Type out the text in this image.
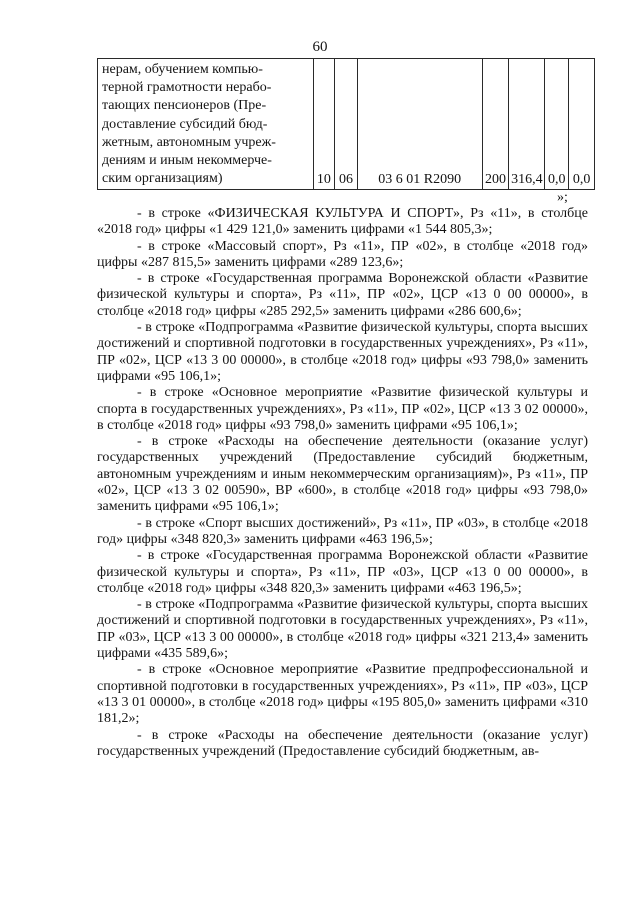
60
нерам, обучением компью-
терной грамотности нерабо-
тающих пенсионеров (Пре-
доставление субсидий бюд-
жетным, автономным учреж-
дениям и иным некоммерче-
ским организациям)	10	06	03 6 01 R2090	200	316,4	0,0	0,0
»;

- в строке «ФИЗИЧЕСКАЯ КУЛЬТУРА И СПОРТ», Рз «11», в столбце «2018 год» цифры «1 429 121,0» заменить цифрами «1 544 805,3»;

- в строке «Массовый спорт», Рз «11», ПР «02», в столбце «2018 год» цифры «287 815,5» заменить цифрами «289 123,6»;

- в строке «Государственная программа Воронежской области «Развитие физической культуры и спорта», Рз «11», ПР «02», ЦСР «13 0 00 00000», в столбце «2018 год» цифры «285 292,5» заменить цифрами «286 600,6»;

- в строке «Подпрограмма «Развитие физической культуры, спорта высших достижений и спортивной подготовки в государственных учреждениях», Рз «11», ПР «02», ЦСР «13 3 00 00000», в столбце «2018 год» цифры «93 798,0» заменить цифрами «95 106,1»;

- в строке «Основное мероприятие «Развитие физической культуры и спорта в государственных учреждениях», Рз «11», ПР «02», ЦСР «13 3 02 00000», в столбце «2018 год» цифры «93 798,0» заменить цифрами «95 106,1»;

- в строке «Расходы на обеспечение деятельности (оказание услуг) государственных учреждений (Предоставление субсидий бюджетным, автономным учреждениям и иным некоммерческим организациям)», Рз «11», ПР «02», ЦСР «13 3 02 00590», ВР «600», в столбце «2018 год» цифры «93 798,0» заменить цифрами «95 106,1»;

- в строке «Спорт высших достижений», Рз «11», ПР «03», в столбце «2018 год» цифры «348 820,3» заменить цифрами «463 196,5»;

- в строке «Государственная программа Воронежской области «Развитие физической культуры и спорта», Рз «11», ПР «03», ЦСР «13 0 00 00000», в столбце «2018 год» цифры «348 820,3» заменить цифрами «463 196,5»;

- в строке «Подпрограмма «Развитие физической культуры, спорта высших достижений и спортивной подготовки в государственных учреждениях», Рз «11», ПР «03», ЦСР «13 3 00 00000», в столбце «2018 год» цифры «321 213,4» заменить цифрами «435 589,6»;

- в строке «Основное мероприятие «Развитие предпрофессиональной и спортивной подготовки в государственных учреждениях», Рз «11», ПР «03», ЦСР «13 3 01 00000», в столбце «2018 год» цифры «195 805,0» заменить цифрами «310 181,2»;

- в строке «Расходы на обеспечение деятельности (оказание услуг) государственных учреждений (Предоставление субсидий бюджетным, ав-
